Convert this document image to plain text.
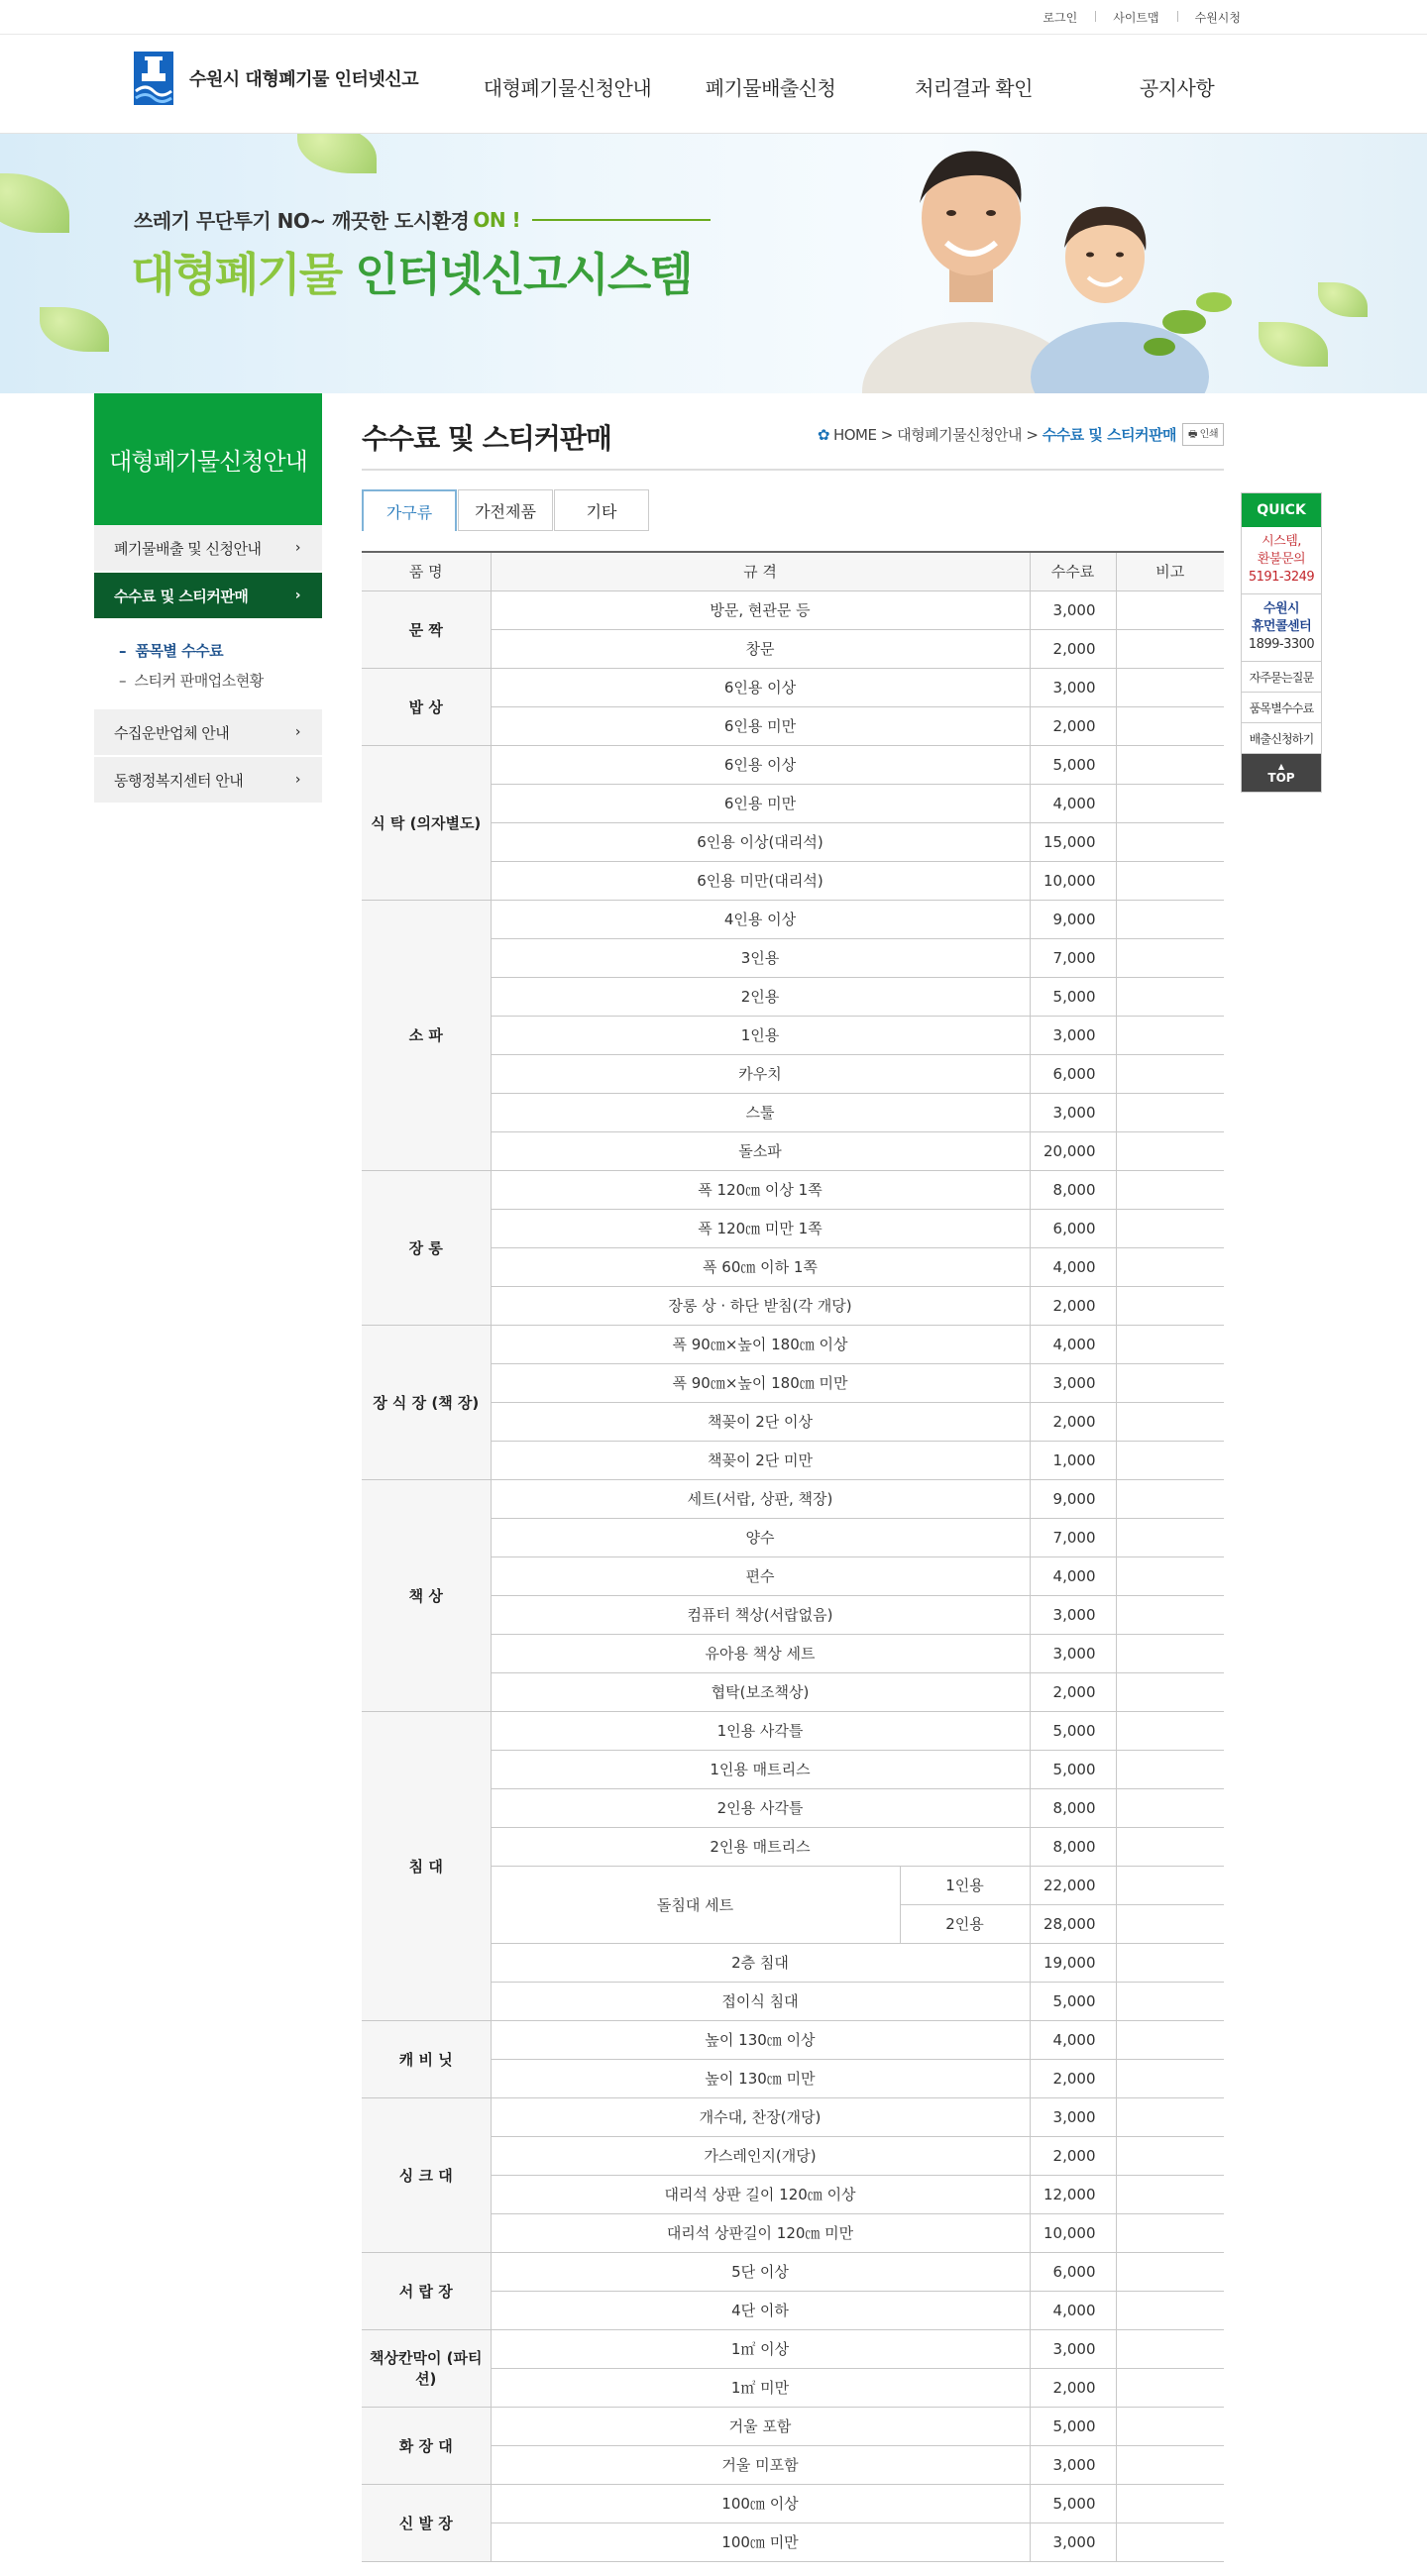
로그인	사이트맵	수원시청
수원시 대형폐기물 인터넷신고	대형폐기물신청안내	폐기물배출신청	처리결과 확인	공지사항
쓰레기 무단투기 NO~ 깨끗한 도시환경 ON !
대형폐기물 인터넷신고시스템
대형폐기물신청안내
폐기물배출 및 신청안내 ›
수수료 및 스티커판매	›
–  품목별 수수료
–  스티커 판매업소현황
수집운반업체 안내	›
동행정복지센터 안내	›
수수료 및 스티커판매	✿ HOME
>
대형폐기물신청안내
>
수수료 및 스티커판매	🖶 인쇄
가구류	가전제품	기타
품 명	규 격		수수료	비고
문 짝	방문, 현관문 등		3,000	
	창문		2,000	
밥 상	6인용 이상		3,000	
	6인용 미만		2,000	
식 탁 (의자별도)	6인용 이상		5,000	
	6인용 미만		4,000	
	6인용 이상(대리석)		15,000	
	6인용 미만(대리석)		10,000	
소 파	4인용 이상		9,000	
	3인용		7,000	
	2인용		5,000	
	1인용		3,000	
	카우치		6,000	
	스툴		3,000	
	돌소파		20,000	
장 롱	폭 120㎝ 이상 1쪽		8,000	
	폭 120㎝ 미만 1쪽		6,000	
	폭 60㎝ 이하 1쪽		4,000	
	장롱 상 · 하단 받침(각 개당)		2,000	
장 식 장 (책 장)	폭 90㎝×높이 180㎝ 이상		4,000	
	폭 90㎝×높이 180㎝ 미만		3,000	
	책꽂이 2단 이상		2,000	
	책꽂이 2단 미만		1,000	
책 상	세트(서랍, 상판, 책장)		9,000	
	양수		7,000	
	편수		4,000	
	컴퓨터 책상(서랍없음)		3,000	
	유아용 책상 세트		3,000	
	협탁(보조책상)		2,000	
침 대	1인용 사각틀		5,000	
	1인용 매트리스		5,000	
	2인용 사각틀		8,000	
	2인용 매트리스		8,000	
	돌침대 세트	1인용	22,000	
		2인용	28,000	
	2층 침대		19,000	
	접이식 침대		5,000	
캐 비 닛	높이 130㎝ 이상		4,000	
	높이 130㎝ 미만		2,000	
싱 크 대	개수대, 찬장(개당)		3,000	
	가스레인지(개당)		2,000	
	대리석 상판 길이 120㎝ 이상		12,000	
	대리석 상판길이 120㎝ 미만		10,000	
서 랍 장	5단 이상		6,000	
	4단 이하		4,000	
책상칸막이 (파티션)	1㎡ 이상		3,000	
	1㎡ 미만		2,000	
화 장 대	거울 포함		5,000	
	거울 미포함		3,000	
신 발 장	100㎝ 이상		5,000	
	100㎝ 미만		3,000	
QUICK
시스템,
환불문의
5191-3249
수원시
휴먼콜센터
1899-3300
자주묻는질문
품목별수수료
배출신청하기
▲
TOP
